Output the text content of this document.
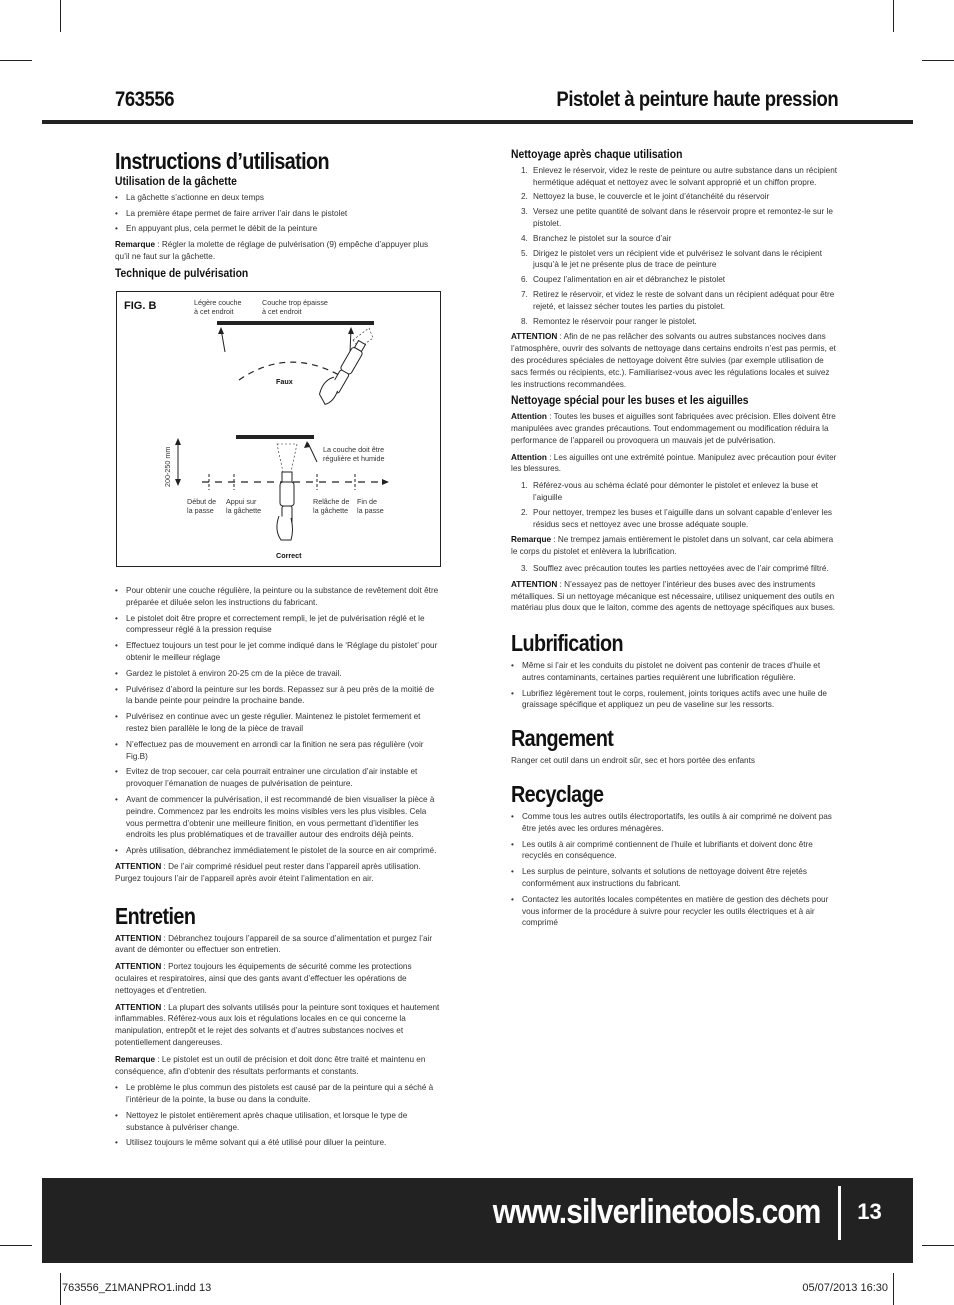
763556	Pistolet à peinture haute pression
Instructions d’utilisation
Utilisation de la gâchette
• La gâchette s’actionne en deux temps
• La première étape permet de faire arriver l’air dans le pistolet
• En appuyant plus, cela permet le débit de la peinture
Remarque : Régler la molette de réglage de pulvérisation (9) empêche d’appuyer plus qu’il ne faut sur la gâchette.
Technique de pulvérisation
FIG. B	Légère couche
à cet endroit
Couche trop épaisse
à cet endroit
Faux
La couche doit être
régulière et humide
200-250 mm
Début de
la passe
Appui sur
la gâchette
Relâche de
la gâchette
Fin de
la passe
Correct
• Pour obtenir une couche régulière, la peinture ou la substance de revêtement doit être préparée et diluée selon les instructions du fabricant.
• Le pistolet doit être propre et correctement rempli, le jet de pulvérisation réglé et le compresseur réglé à la pression requise
• Effectuez toujours un test pour le jet comme indiqué dans le ‘Réglage du pistolet’ pour obtenir le meilleur réglage
• Gardez le pistolet à environ 20-25 cm de la pièce de travail.
• Pulvérisez d’abord la peinture sur les bords. Repassez sur à peu près de la moitié de la bande peinte pour peindre la prochaine bande.
• Pulvérisez en continue avec un geste régulier. Maintenez le pistolet fermement et restez bien parallèle le long de la pièce de travail
• N’effectuez pas de mouvement en arrondi car la finition ne sera pas régulière (voir Fig.B)
• Evitez de trop secouer, car cela pourrait entrainer une circulation d’air instable et provoquer l’émanation de nuages de pulvérisation de peinture.
• Avant de commencer la pulvérisation, il est recommandé de bien visualiser la pièce à peindre. Commencez par les endroits les moins visibles vers les plus visibles. Cela vous permettra d’obtenir une meilleure finition, en vous permettant d’identifier les endroits les plus problématiques et de travailler autour des endroits déjà peints.
• Après utilisation, débranchez immédiatement le pistolet de la source en air comprimé.
ATTENTION : De l’air comprimé résiduel peut rester dans l’appareil après utilisation. Purgez toujours l’air de l’appareil après avoir éteint l’alimentation en air.
Entretien
ATTENTION : Débranchez toujours l’appareil de sa source d’alimentation et purgez l’air avant de démonter ou effectuer son entretien.
ATTENTION : Portez toujours les équipements de sécurité comme les protections oculaires et respiratoires, ainsi que des gants avant d’effectuer les opérations de nettoyages et d’entretien.
ATTENTION : La plupart des solvants utilisés pour la peinture sont toxiques et hautement inflammables. Référez-vous aux lois et régulations locales en ce qui concerne la manipulation, entrepôt et le rejet des solvants et d’autres substances nocives et potentiellement dangereuses.
Remarque : Le pistolet est un outil de précision et doit donc être traité et maintenu en conséquence, afin d’obtenir des résultats performants et constants.
• Le problème le plus commun des pistolets est causé par de la peinture qui a séché à l’intérieur de la pointe, la buse ou dans la conduite.
• Nettoyez le pistolet entièrement après chaque utilisation, et lorsque le type de substance à pulvériser change.
• Utilisez toujours le même solvant qui a été utilisé pour diluer la peinture.
Nettoyage après chaque utilisation
1. Enlevez le réservoir, videz le reste de peinture ou autre substance dans un récipient hermétique adéquat et nettoyez avec le solvant approprié et un chiffon propre.
2. Nettoyez la buse, le couvercle et le joint d’étanchéité du réservoir
3. Versez une petite quantité de solvant dans le réservoir propre et remontez-le sur le pistolet.
4. Branchez le pistolet sur la source d’air
5. Dirigez le pistolet vers un récipient vide et pulvérisez le solvant dans le récipient jusqu’à le jet ne présente plus de trace de peinture
6. Coupez l’alimentation en air et débranchez le pistolet
7. Retirez le réservoir, et videz le reste de solvant dans un récipient adéquat pour être rejeté, et laissez sécher toutes les parties du pistolet.
8. Remontez le réservoir pour ranger le pistolet.
ATTENTION : Afin de ne pas relâcher des solvants ou autres substances nocives dans l’atmosphère, ouvrir des solvants de nettoyage dans certains endroits n’est pas permis, et des procédures spéciales de nettoyage doivent être suivies (par exemple utilisation de sacs fermés ou récipients, etc.). Familiarisez-vous avec les régulations locales et suivez les instructions recommandées.
Nettoyage spécial pour les buses et les aiguilles
Attention : Toutes les buses et aiguilles sont fabriquées avec précision. Elles doivent être manipulées avec grandes précautions. Tout endommagement ou modification réduira la performance de l’appareil ou provoquera un mauvais jet de pulvérisation.
Attention : Les aiguilles ont une extrémité pointue. Manipulez avec précaution pour éviter les blessures.
1. Référez-vous au schéma éclaté pour démonter le pistolet et enlevez la buse et l’aiguille
2. Pour nettoyer, trempez les buses et l’aiguille dans un solvant capable d’enlever les résidus secs et nettoyez avec une brosse adéquate souple.
Remarque : Ne trempez jamais entièrement le pistolet dans un solvant, car cela abimera le corps du pistolet et enlèvera la lubrification.
3. Soufflez avec précaution toutes les parties nettoyées avec de l’air comprimé filtré.
ATTENTION : N’essayez pas de nettoyer l’intérieur des buses avec des instruments métalliques. Si un nettoyage mécanique est nécessaire, utilisez uniquement des outils en matériau plus doux que le laiton, comme des agents de nettoyage spécifiques aux buses.
Lubrification
• Même si l’air et les conduits du pistolet ne doivent pas contenir de traces d’huile et autres contaminants, certaines parties requièrent une lubrification régulière.
• Lubrifiez légèrement tout le corps, roulement, joints toriques actifs avec une huile de graissage spécifique et appliquez un peu de vaseline sur les ressorts.
Rangement
Ranger cet outil dans un endroit sûr, sec et hors portée des enfants
Recyclage
• Comme tous les autres outils électroportatifs, les outils à air comprimé ne doivent pas être jetés avec les ordures ménagères.
• Les outils à air comprimé contiennent de l’huile et lubrifiants et doivent donc être recyclés en conséquence.
• Les surplus de peinture, solvants et solutions de nettoyage doivent être rejetés conformément aux instructions du fabricant.
• Contactez les autorités locales compétentes en matière de gestion des déchets pour vous informer de la procédure à suivre pour recycler les outils électriques et à air comprimé
www.silverlinetools.com	13
763556_Z1MANPRO1.indd 13	05/07/2013 16:30
